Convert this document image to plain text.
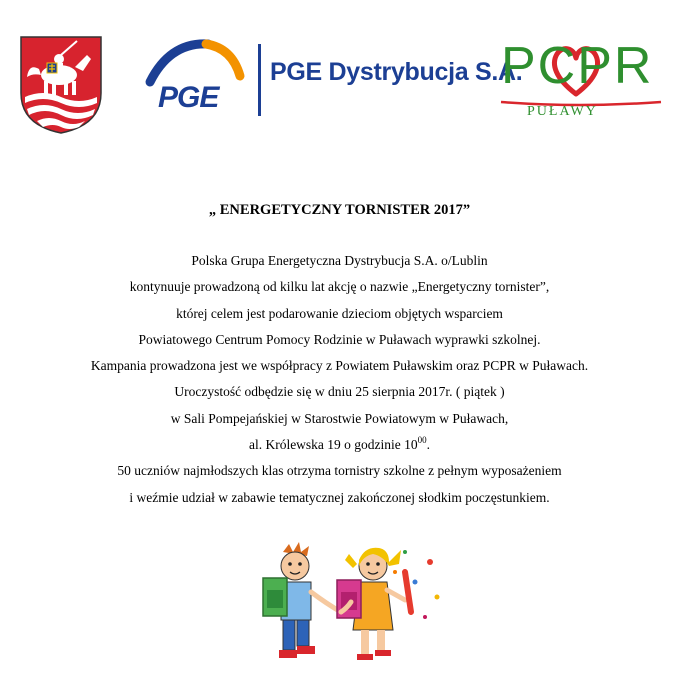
PGE
PGE Dystrybucja S.A.
PCPR
PUŁAWY
„ ENERGETYCZNY TORNISTER 2017”
Polska Grupa Energetyczna Dystrybucja S.A. o/Lublin
kontynuuje prowadzoną od kilku lat akcję o nazwie „Energetyczny tornister”,
której celem jest podarowanie dzieciom objętych wsparciem
Powiatowego Centrum Pomocy Rodzinie w Puławach wyprawki szkolnej.
Kampania prowadzona jest we współpracy z Powiatem Puławskim oraz PCPR w Puławach.
Uroczystość odbędzie się w dniu 25 sierpnia 2017r. ( piątek )
w Sali Pompejańskiej w Starostwie Powiatowym w Puławach,
al. Królewska 19 o godzinie $10^{00}$.
50 uczniów najmłodszych klas otrzyma tornistry szkolne z pełnym wyposażeniem
i weźmie udział w zabawie tematycznej zakończonej słodkim poczęstunkiem.
